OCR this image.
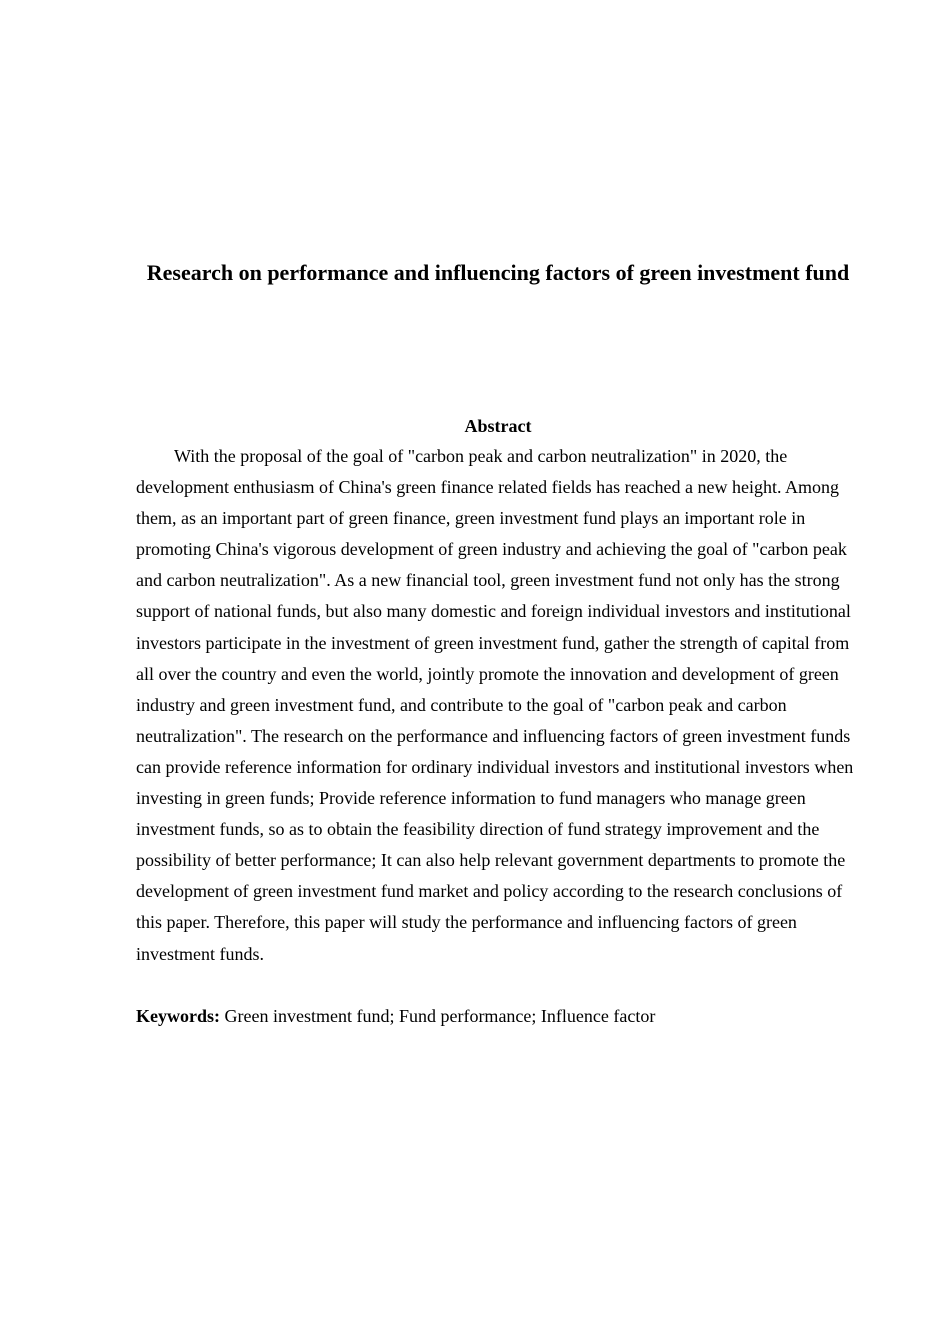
Research on performance and influencing factors of green investment fund
Abstract

With the proposal of the goal of "carbon peak and carbon neutralization" in 2020, the development enthusiasm of China's green finance related fields has reached a new height. Among them, as an important part of green finance, green investment fund plays an important role in promoting China's vigorous development of green industry and achieving the goal of "carbon peak and carbon neutralization". As a new financial tool, green investment fund not only has the strong support of national funds, but also many domestic and foreign individual investors and institutional investors participate in the investment of green investment fund, gather the strength of capital from all over the country and even the world, jointly promote the innovation and development of green industry and green investment fund, and contribute to the goal of "carbon peak and carbon neutralization". The research on the performance and influencing factors of green investment funds can provide reference information for ordinary individual investors and institutional investors when investing in green funds; Provide reference information to fund managers who manage green investment funds, so as to obtain the feasibility direction of fund strategy improvement and the possibility of better performance; It can also help relevant government departments to promote the development of green investment fund market and policy according to the research conclusions of this paper. Therefore, this paper will study the performance and influencing factors of green investment funds.

Keywords: Green investment fund; Fund performance; Influence factor
